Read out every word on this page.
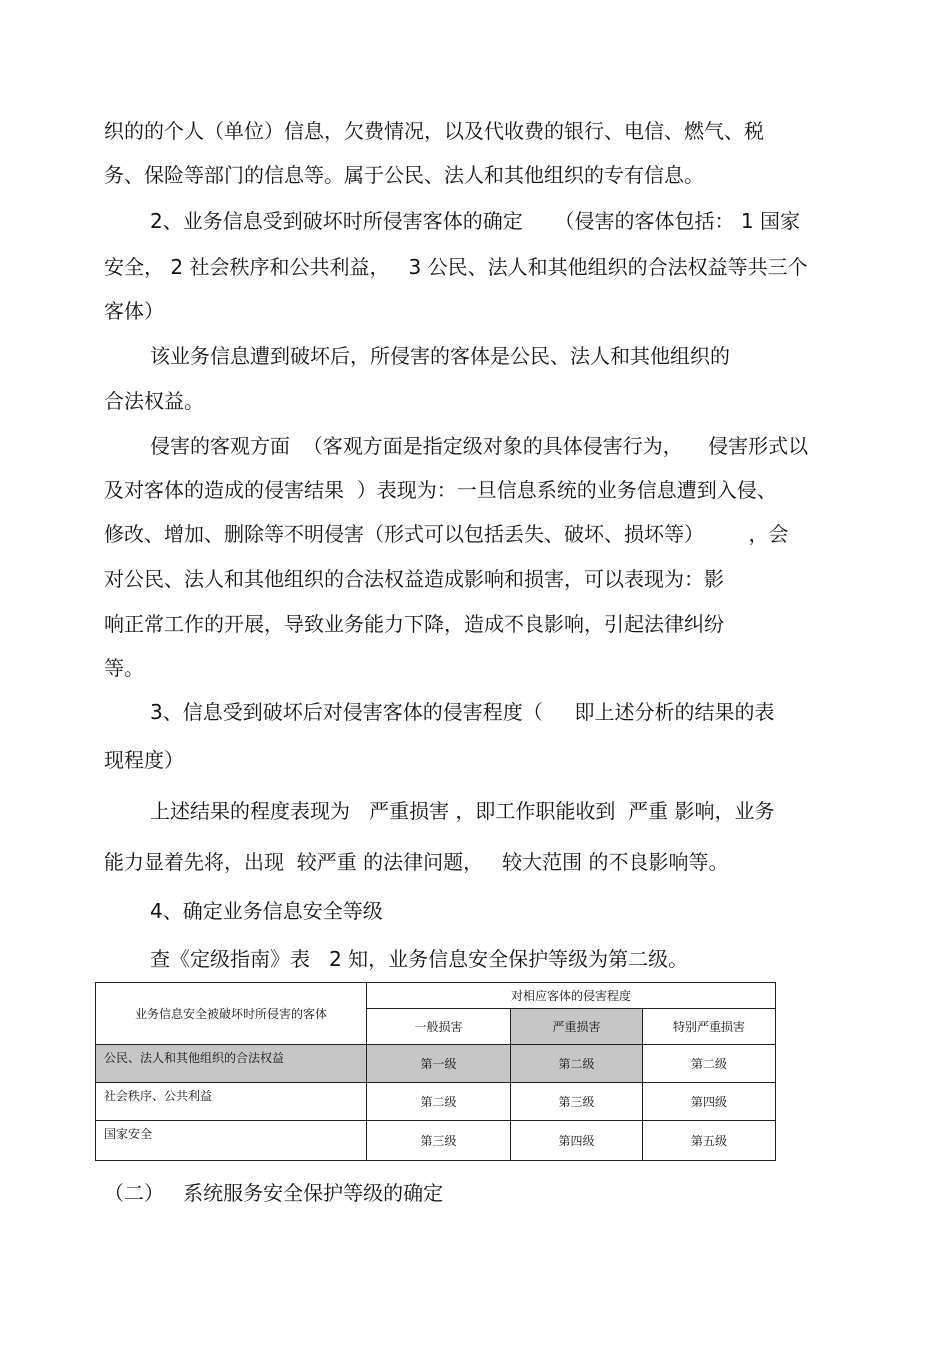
织的的个人（单位）信息，欠费情况，以及代收费的银行、电信、燃气、税
务、保险等部门的信息等。属于公民、法人和其他组织的专有信息。
2、业务信息受到破坏时所侵害客体的确定     （侵害的客体包括： 1 国家
安全， 2 社会秩序和公共利益，   3 公民、法人和其他组织的合法权益等共三个
客体）
该业务信息遭到破坏后，所侵害的客体是公民、法人和其他组织的
合法权益。
侵害的客观方面  （客观方面是指定级对象的具体侵害行为，    侵害形式以
及对客体的造成的侵害结果  ）表现为：一旦信息系统的业务信息遭到入侵、
修改、增加、删除等不明侵害（形式可以包括丢失、破坏、损坏等）       ，会
对公民、法人和其他组织的合法权益造成影响和损害，可以表现为：影
响正常工作的开展，导致业务能力下降，造成不良影响，引起法律纠纷
等。
3、信息受到破坏后对侵害客体的侵害程度（     即上述分析的结果的表
现程度）
上述结果的程度表现为   严重损害 ，即工作职能收到  严重 影响，业务
能力显着先将，出现  较严重 的法律问题，   较大范围 的不良影响等。
4、确定业务信息安全等级
查《定级指南》表   2 知，业务信息安全保护等级为第二级。
业务信息安全被破坏时所侵害的客体	对相应客体的侵害程度		
	一般损害	严重损害	特别严重损害
公民、法人和其他组织的合法权益	第一级	第二级	第二级
社会秩序、公共利益	第二级	第三级	第四级
国家安全	第三级	第四级	第五级
（二）   系统服务安全保护等级的确定
